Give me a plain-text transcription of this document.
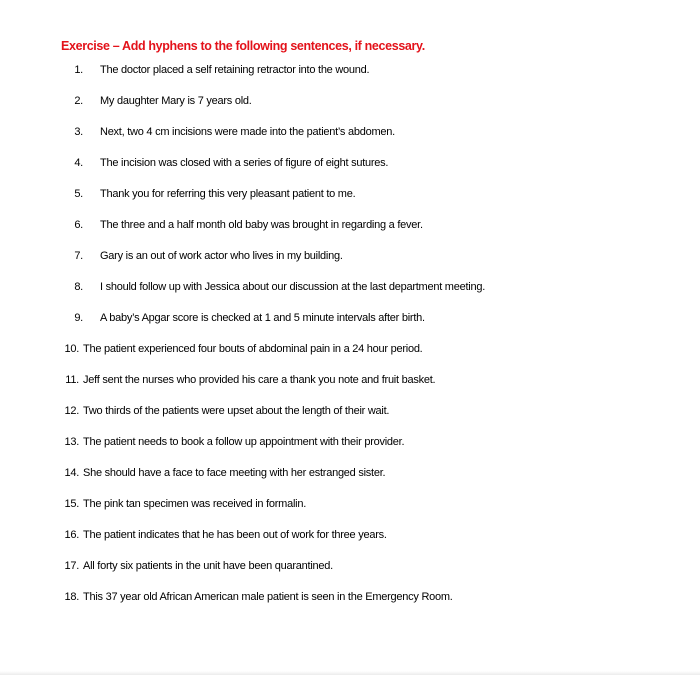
Exercise – Add hyphens to the following sentences, if necessary.
1. The doctor placed a self retaining retractor into the wound.
2. My daughter Mary is 7 years old.
3. Next, two 4 cm incisions were made into the patient’s abdomen.
4. The incision was closed with a series of figure of eight sutures.
5. Thank you for referring this very pleasant patient to me.
6. The three and a half month old baby was brought in regarding a fever.
7. Gary is an out of work actor who lives in my building.
8. I should follow up with Jessica about our discussion at the last department meeting.
9. A baby’s Apgar score is checked at 1 and 5 minute intervals after birth.
10. The patient experienced four bouts of abdominal pain in a 24 hour period.
11. Jeff sent the nurses who provided his care a thank you note and fruit basket.
12. Two thirds of the patients were upset about the length of their wait.
13. The patient needs to book a follow up appointment with their provider.
14. She should have a face to face meeting with her estranged sister.
15. The pink tan specimen was received in formalin.
16. The patient indicates that he has been out of work for three years.
17. All forty six patients in the unit have been quarantined.
18. This 37 year old African American male patient is seen in the Emergency Room.
